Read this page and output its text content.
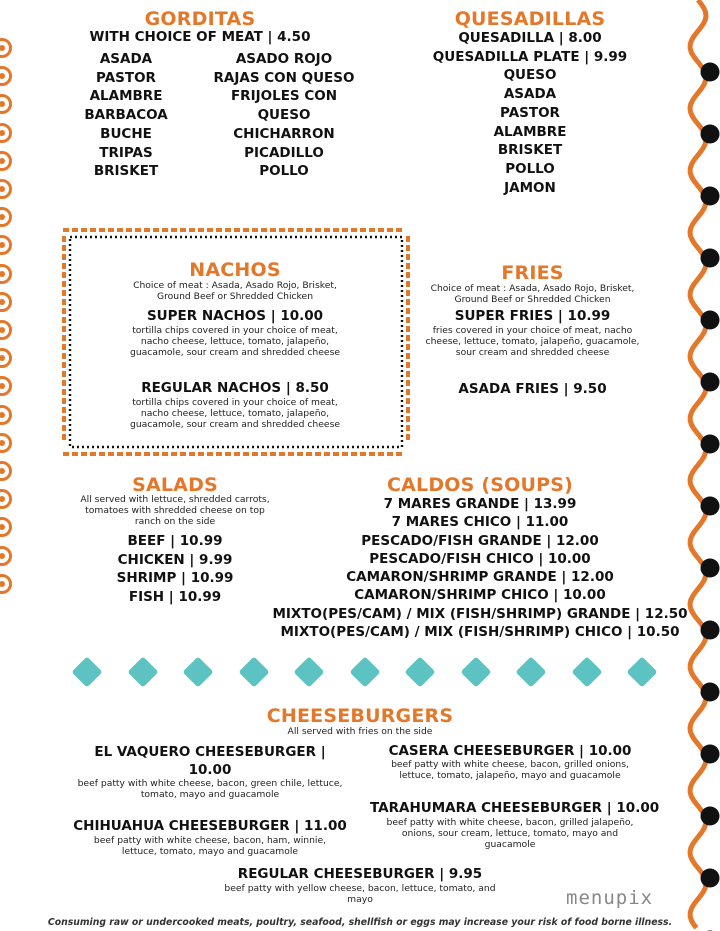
GORDITAS
WITH CHOICE OF MEAT | 4.50
ASADA
PASTOR
ALAMBRE
BARBACOA
BUCHE
TRIPAS
BRISKET
ASADO ROJO
RAJAS CON QUESO
FRIJOLES CON
QUESO
CHICHARRON
PICADILLO
POLLO
QUESADILLAS
QUESADILLA | 8.00
QUESADILLA PLATE | 9.99
QUESO
ASADA
PASTOR
ALAMBRE
BRISKET
POLLO
JAMON
NACHOS
Choice of meat : Asada, Asado Rojo, Brisket,
Ground Beef or Shredded Chicken
SUPER NACHOS | 10.00
tortilla chips covered in your choice of meat,
nacho cheese, lettuce, tomato, jalapeño,
guacamole, sour cream and shredded cheese
REGULAR NACHOS | 8.50
tortilla chips covered in your choice of meat,
nacho cheese, lettuce, tomato, jalapeño,
guacamole, sour cream and shredded cheese
FRIES
Choice of meat : Asada, Asado Rojo, Brisket,
Ground Beef or Shredded Chicken
SUPER FRIES | 10.99
fries covered in your choice of meat, nacho
cheese, lettuce, tomato, jalapeño, guacamole,
sour cream and shredded cheese
ASADA FRIES | 9.50
SALADS
All served with lettuce, shredded carrots,
tomatoes with shredded cheese on top
ranch on the side
BEEF | 10.99
CHICKEN | 9.99
SHRIMP | 10.99
FISH | 10.99
CALDOS (SOUPS)
7 MARES GRANDE | 13.99
7 MARES CHICO | 11.00
PESCADO/FISH GRANDE | 12.00
PESCADO/FISH CHICO | 10.00
CAMARON/SHRIMP GRANDE | 12.00
CAMARON/SHRIMP CHICO | 10.00
MIXTO(PES/CAM) / MIX (FISH/SHRIMP) GRANDE | 12.50
MIXTO(PES/CAM) / MIX (FISH/SHRIMP) CHICO | 10.50
CHEESEBURGERS
All served with fries on the side
EL VAQUERO CHEESEBURGER |
10.00
beef patty with white cheese, bacon, green chile, lettuce,
tomato, mayo and guacamole
CASERA CHEESEBURGER | 10.00
beef patty with white cheese, bacon, grilled onions,
lettuce, tomato, jalapeño, mayo and guacamole
TARAHUMARA CHEESEBURGER | 10.00
beef patty with white cheese, bacon, grilled jalapeño,
onions, sour cream, lettuce, tomato, mayo and
guacamole
CHIHUAHUA CHEESEBURGER | 11.00
beef patty with white cheese, bacon, ham, winnie,
lettuce, tomato, mayo and guacamole
REGULAR CHEESEBURGER | 9.95
beef patty with yellow cheese, bacon, lettuce, tomato, and
mayo	menupix
Consuming raw or undercooked meats, poultry, seafood, shellfish or eggs may increase your risk of food borne illness.
